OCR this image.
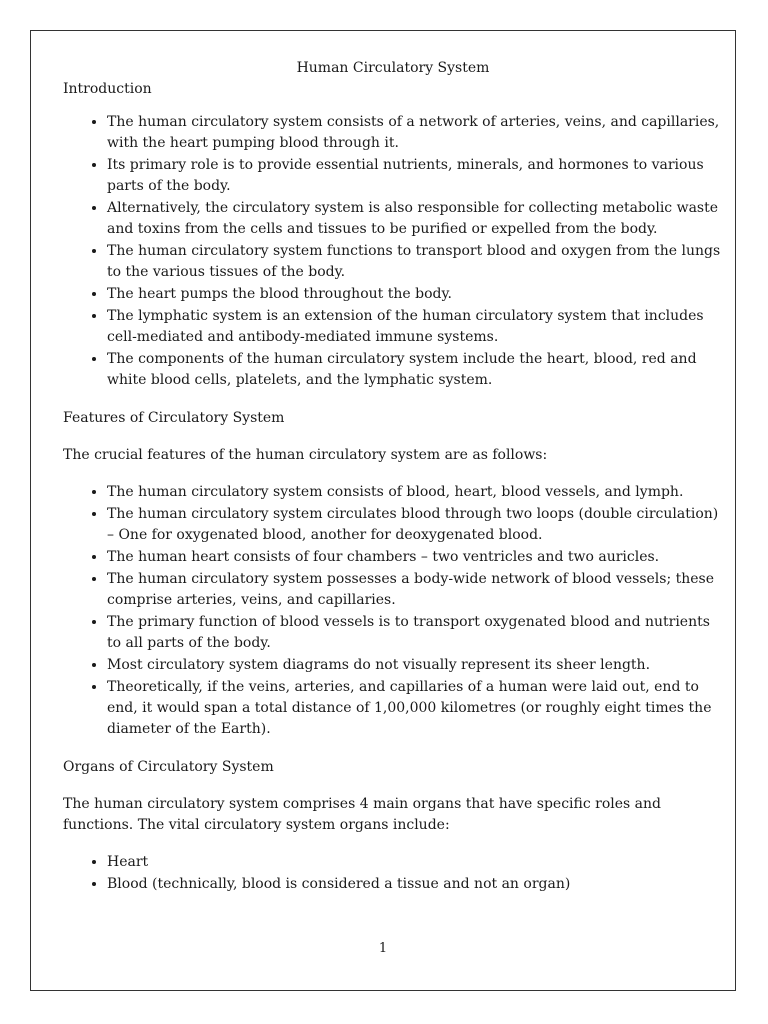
Human Circulatory System

Introduction
• The human circulatory system consists of a network of arteries, veins, and capillaries, with the heart pumping blood through it.
• Its primary role is to provide essential nutrients, minerals, and hormones to various parts of the body.
• Alternatively, the circulatory system is also responsible for collecting metabolic waste and toxins from the cells and tissues to be purified or expelled from the body.
• The human circulatory system functions to transport blood and oxygen from the lungs to the various tissues of the body.
• The heart pumps the blood throughout the body.
• The lymphatic system is an extension of the human circulatory system that includes cell-mediated and antibody-mediated immune systems.
• The components of the human circulatory system include the heart, blood, red and white blood cells, platelets, and the lymphatic system.
Features of Circulatory System

The crucial features of the human circulatory system are as follows:

• The human circulatory system consists of blood, heart, blood vessels, and lymph.
• The human circulatory system circulates blood through two loops (double circulation) – One for oxygenated blood, another for deoxygenated blood.
• The human heart consists of four chambers – two ventricles and two auricles.
• The human circulatory system possesses a body-wide network of blood vessels; these comprise arteries, veins, and capillaries.
• The primary function of blood vessels is to transport oxygenated blood and nutrients to all parts of the body.
• Most circulatory system diagrams do not visually represent its sheer length.
• Theoretically, if the veins, arteries, and capillaries of a human were laid out, end to end, it would span a total distance of 1,00,000 kilometres (or roughly eight times the diameter of the Earth).
Organs of Circulatory System

The human circulatory system comprises 4 main organs that have specific roles and functions. The vital circulatory system organs include:

• Heart
• Blood (technically, blood is considered a tissue and not an organ)
1
